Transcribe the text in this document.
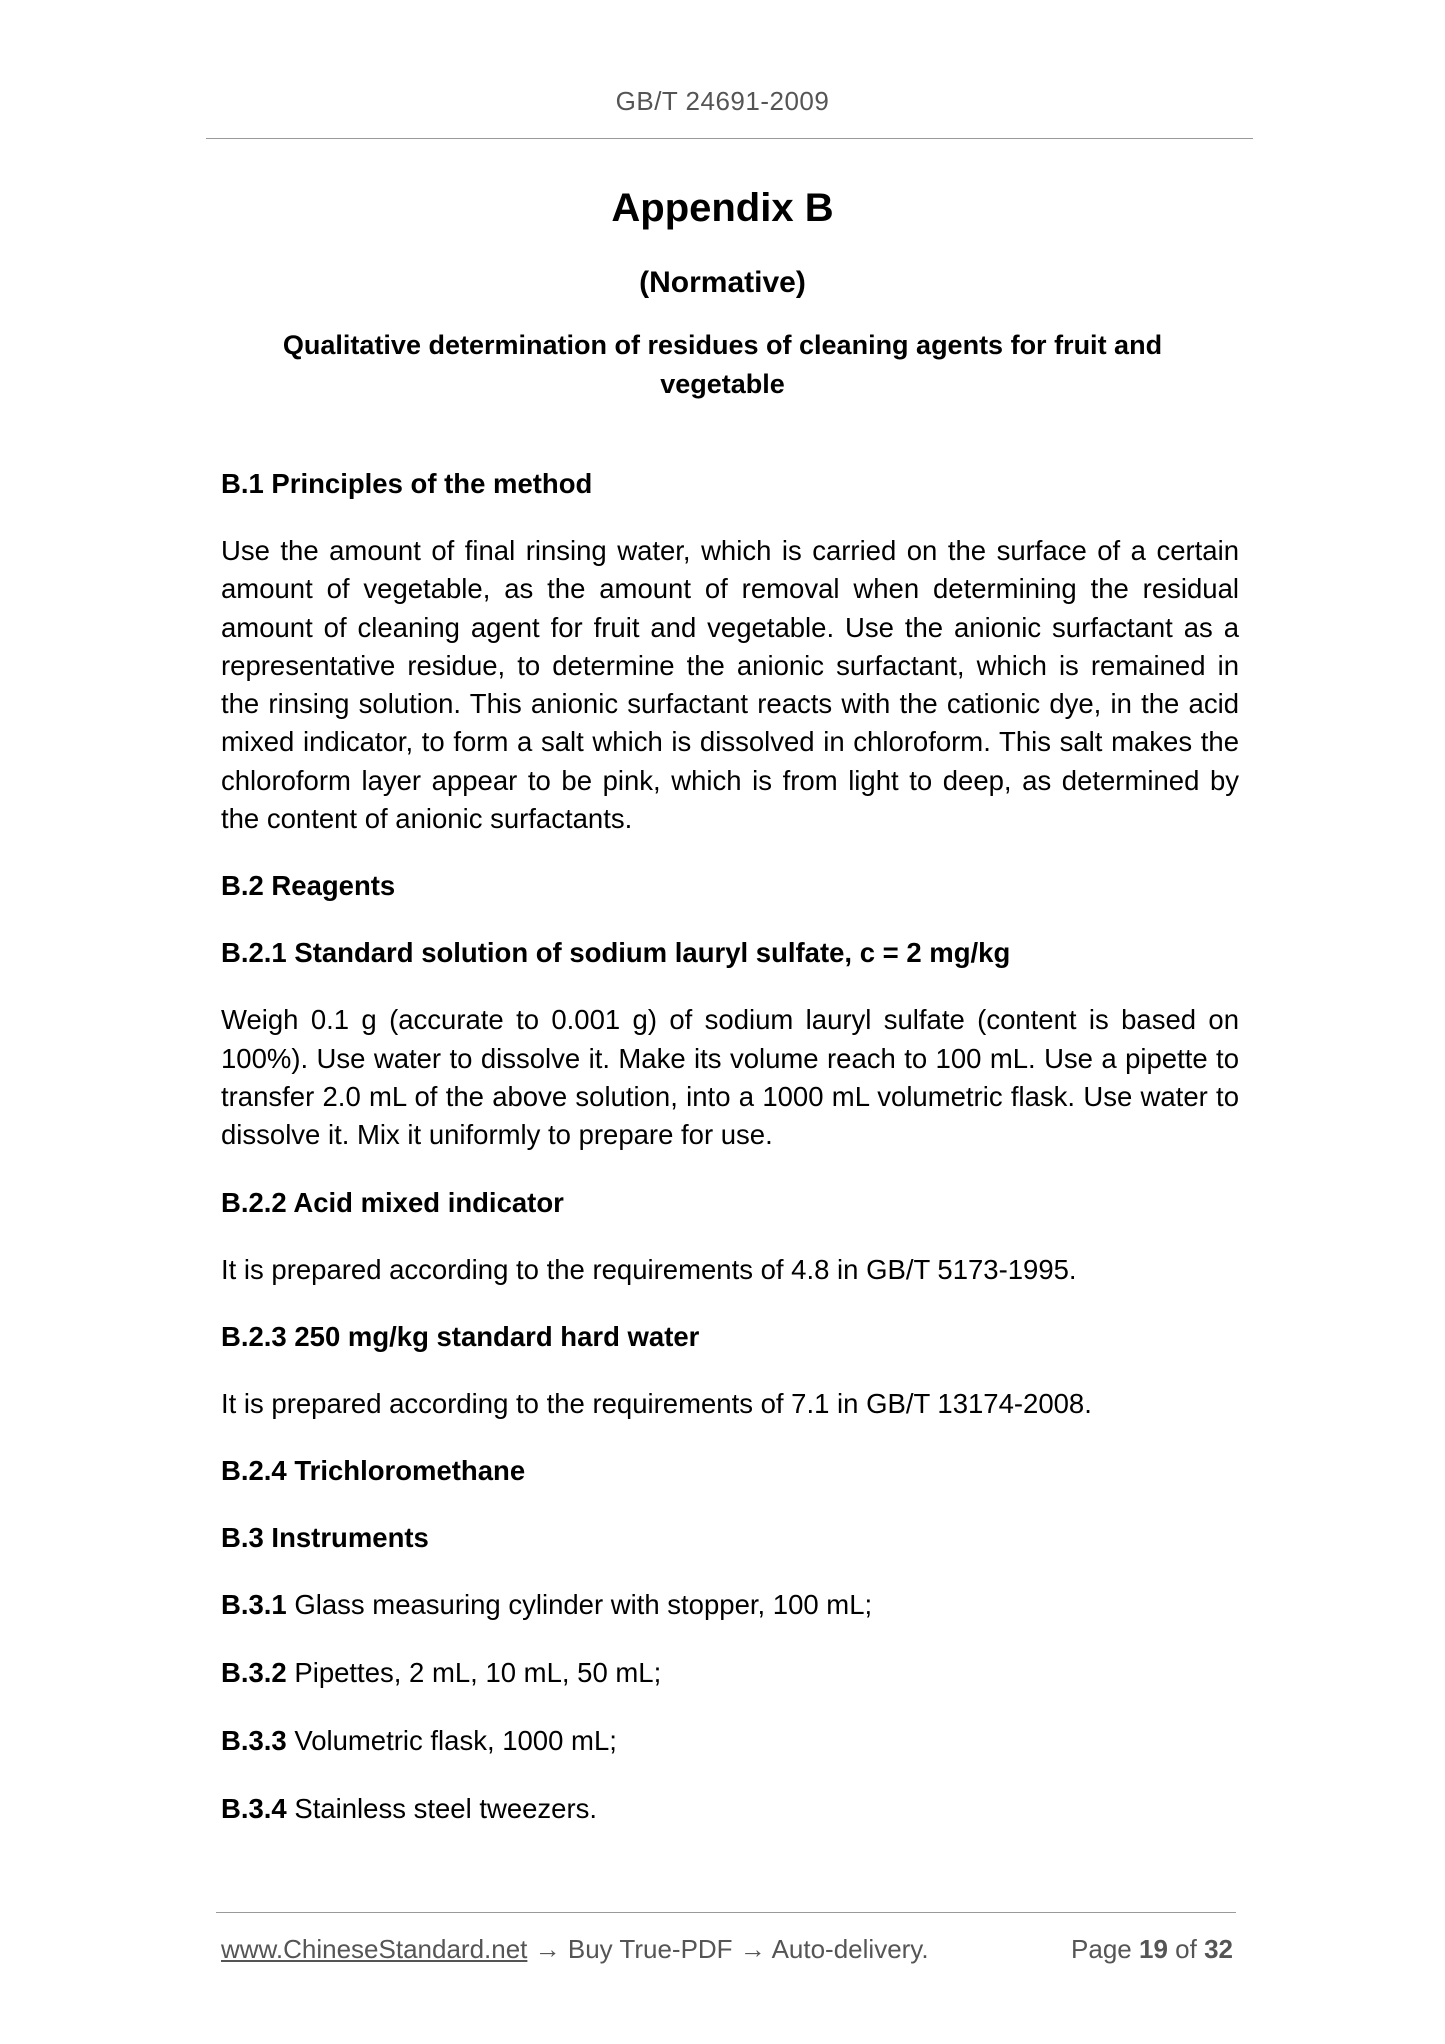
GB/T 24691-2009
Appendix B
(Normative)
Qualitative determination of residues of cleaning agents for fruit and vegetable
B.1 Principles of the method
Use the amount of final rinsing water, which is carried on the surface of a certain amount of vegetable, as the amount of removal when determining the residual amount of cleaning agent for fruit and vegetable. Use the anionic surfactant as a representative residue, to determine the anionic surfactant, which is remained in the rinsing solution. This anionic surfactant reacts with the cationic dye, in the acid mixed indicator, to form a salt which is dissolved in chloroform. This salt makes the chloroform layer appear to be pink, which is from light to deep, as determined by the content of anionic surfactants.
B.2 Reagents
B.2.1 Standard solution of sodium lauryl sulfate, c = 2 mg/kg
Weigh 0.1 g (accurate to 0.001 g) of sodium lauryl sulfate (content is based on 100%). Use water to dissolve it. Make its volume reach to 100 mL. Use a pipette to transfer 2.0 mL of the above solution, into a 1000 mL volumetric flask. Use water to dissolve it. Mix it uniformly to prepare for use.
B.2.2 Acid mixed indicator
It is prepared according to the requirements of 4.8 in GB/T 5173-1995.
B.2.3 250 mg/kg standard hard water
It is prepared according to the requirements of 7.1 in GB/T 13174-2008.
B.2.4 Trichloromethane
B.3 Instruments
B.3.1 Glass measuring cylinder with stopper, 100 mL;
B.3.2 Pipettes, 2 mL, 10 mL, 50 mL;
B.3.3 Volumetric flask, 1000 mL;
B.3.4 Stainless steel tweezers.
www.ChineseStandard.net → Buy True-PDF → Auto-delivery.	Page 19 of 32
